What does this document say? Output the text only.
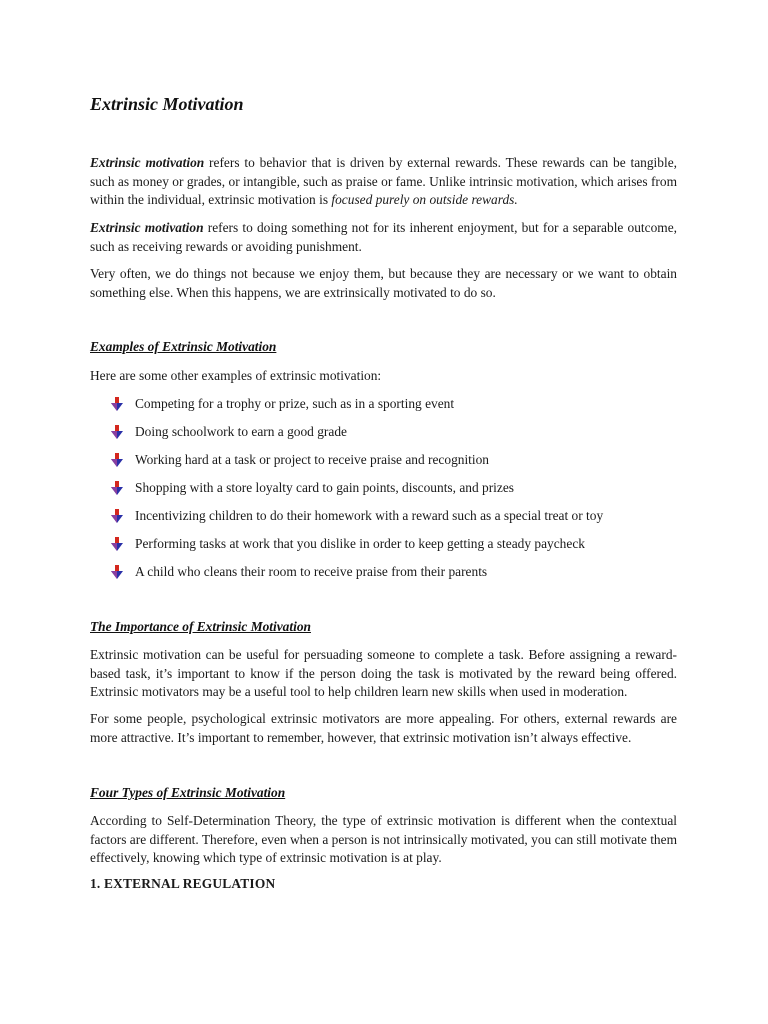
Extrinsic Motivation

Extrinsic motivation refers to behavior that is driven by external rewards. These rewards can be tangible, such as money or grades, or intangible, such as praise or fame. Unlike intrinsic motivation, which arises from within the individual, extrinsic motivation is focused purely on outside rewards.

Extrinsic motivation refers to doing something not for its inherent enjoyment, but for a separable outcome, such as receiving rewards or avoiding punishment.

Very often, we do things not because we enjoy them, but because they are necessary or we want to obtain something else. When this happens, we are extrinsically motivated to do so.

Examples of Extrinsic Motivation

Here are some other examples of extrinsic motivation:

Competing for a trophy or prize, such as in a sporting event
Doing schoolwork to earn a good grade
Working hard at a task or project to receive praise and recognition
Shopping with a store loyalty card to gain points, discounts, and prizes
Incentivizing children to do their homework with a reward such as a special treat or toy
Performing tasks at work that you dislike in order to keep getting a steady paycheck
A child who cleans their room to receive praise from their parents
The Importance of Extrinsic Motivation

Extrinsic motivation can be useful for persuading someone to complete a task. Before assigning a reward-based task, it’s important to know if the person doing the task is motivated by the reward being offered. Extrinsic motivators may be a useful tool to help children learn new skills when used in moderation.

For some people, psychological extrinsic motivators are more appealing. For others, external rewards are more attractive. It’s important to remember, however, that extrinsic motivation isn’t always effective.

Four Types of Extrinsic Motivation

According to Self-Determination Theory, the type of extrinsic motivation is different when the contextual factors are different. Therefore, even when a person is not intrinsically motivated, you can still motivate them effectively, knowing which type of extrinsic motivation is at play.

1. EXTERNAL REGULATION
